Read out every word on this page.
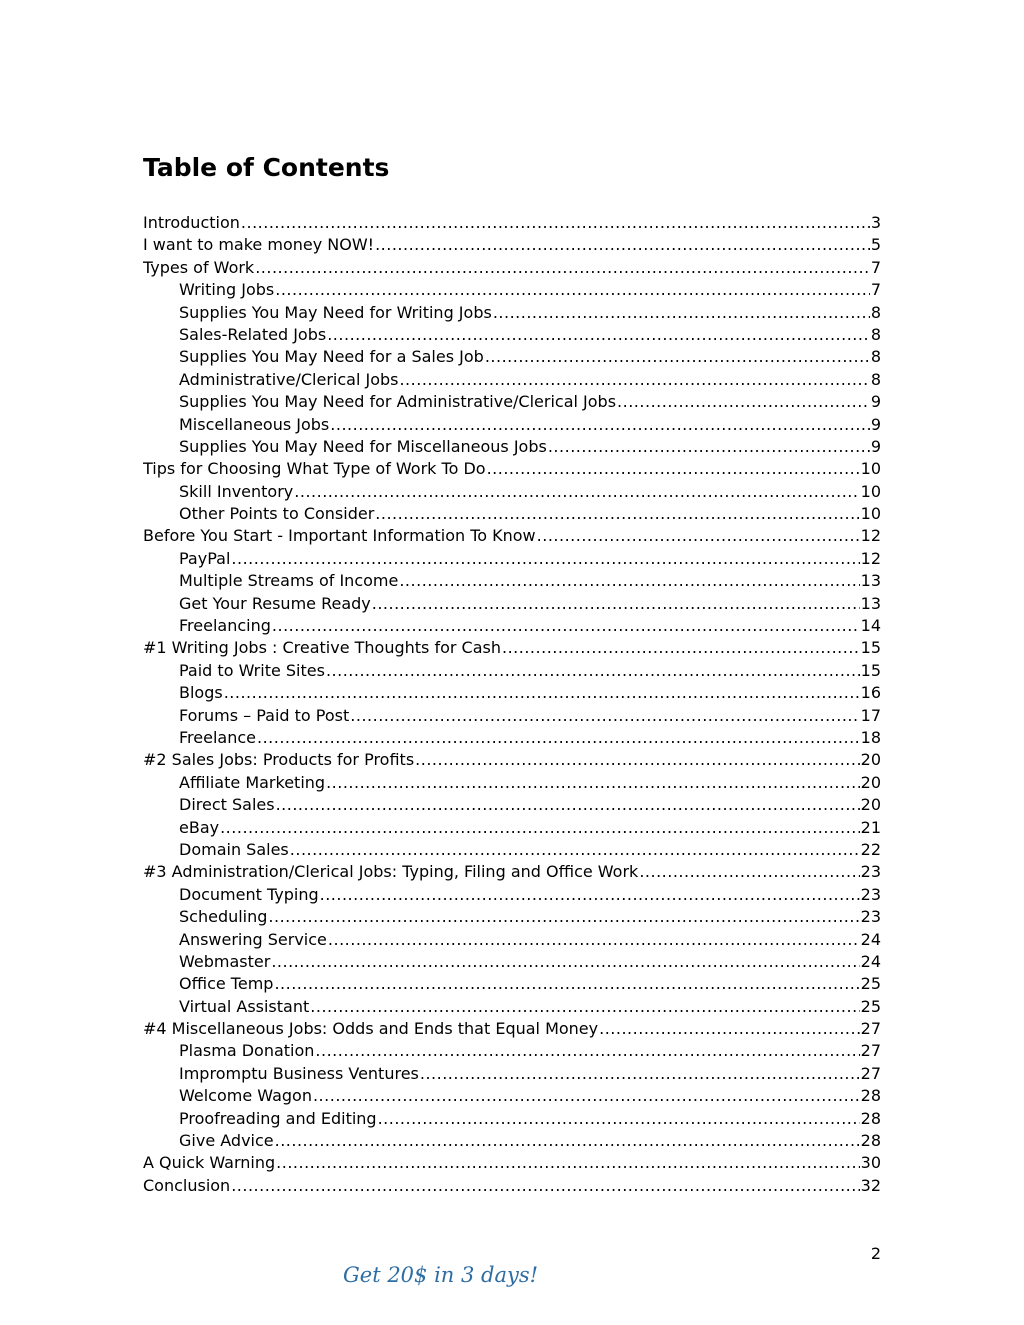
Table of Contents
Introduction .....	3
I want to make money NOW! .....	5
Types of Work .....	7
Writing Jobs .....	7
Supplies You May Need for Writing Jobs .....	8
Sales-Related Jobs .....	8
Supplies You May Need for a Sales Job .....	8
Administrative/Clerical Jobs .....	8
Supplies You May Need for Administrative/Clerical Jobs .....	9
Miscellaneous Jobs .....	9
Supplies You May Need for Miscellaneous Jobs .....	9
Tips for Choosing What Type of Work To Do .....	10
Skill Inventory .....	10
Other Points to Consider .....	10
Before You Start - Important Information To Know .....	12
PayPal .....	12
Multiple Streams of Income .....	13
Get Your Resume Ready .....	13
Freelancing .....	14
#1 Writing Jobs : Creative Thoughts for Cash .....	15
Paid to Write Sites .....	15
Blogs .....	16
Forums – Paid to Post .....	17
Freelance .....	18
#2 Sales Jobs: Products for Profits .....	20
Affiliate Marketing .....	20
Direct Sales .....	20
eBay .....	21
Domain Sales .....	22
#3 Administration/Clerical Jobs: Typing, Filing and Office Work .....	23
Document Typing .....	23
Scheduling .....	23
Answering Service .....	24
Webmaster .....	24
Office Temp .....	25
Virtual Assistant .....	25
#4 Miscellaneous Jobs: Odds and Ends that Equal Money .....	27
Plasma Donation .....	27
Impromptu Business Ventures .....	27
Welcome Wagon .....	28
Proofreading and Editing .....	28
Give Advice .....	28
A Quick Warning .....	30
Conclusion .....	32
2
Get 20$ in 3 days!
